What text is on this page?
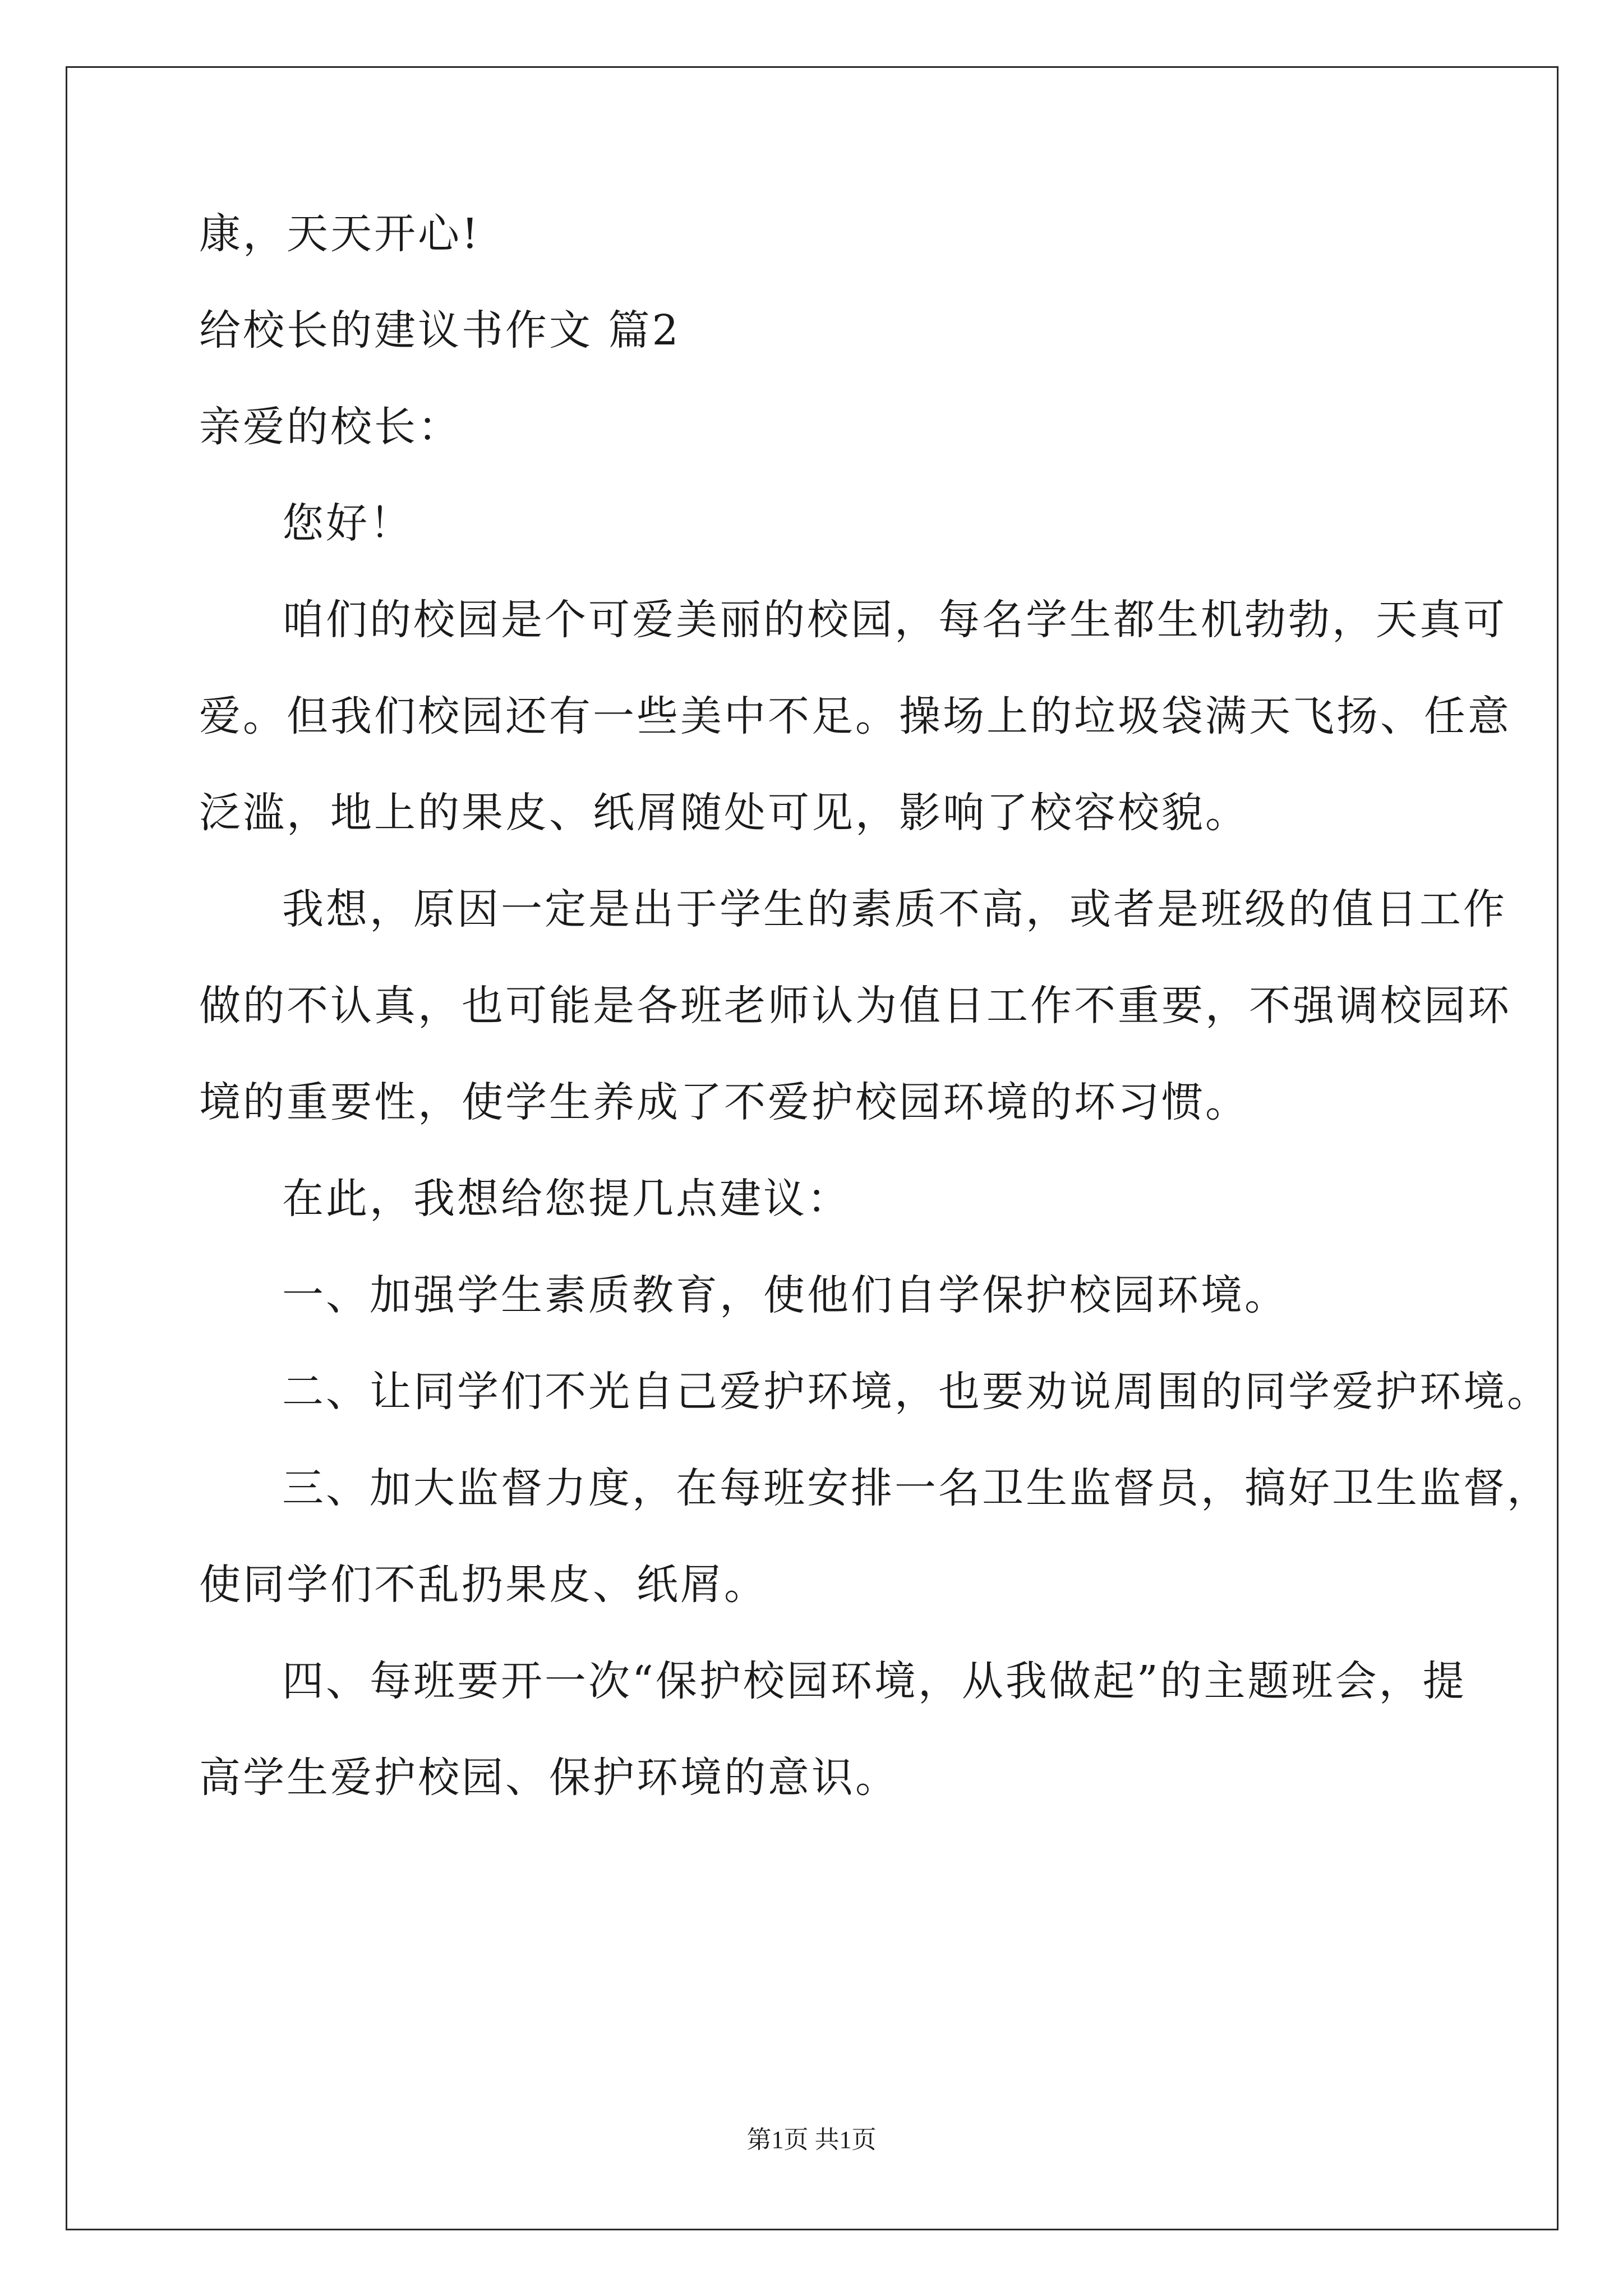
康，天天开心!
给校长的建议书作文 篇2
亲爱的校长：
您好！
咱们的校园是个可爱美丽的校园，每名学生都生机勃勃，天真可
爱。但我们校园还有一些美中不足。操场上的垃圾袋满天飞扬、任意
泛滥，地上的果皮、纸屑随处可见，影响了校容校貌。
我想，原因一定是出于学生的素质不高，或者是班级的值日工作
做的不认真，也可能是各班老师认为值日工作不重要，不强调校园环
境的重要性，使学生养成了不爱护校园环境的坏习惯。
在此，我想给您提几点建议：
一、加强学生素质教育，使他们自学保护校园环境。
二、让同学们不光自己爱护环境，也要劝说周围的同学爱护环境。
三、加大监督力度，在每班安排一名卫生监督员，搞好卫生监督，
使同学们不乱扔果皮、纸屑。
四、每班要开一次“保护校园环境，从我做起”的主题班会，提
高学生爱护校园、保护环境的意识。
第1页 共1页
